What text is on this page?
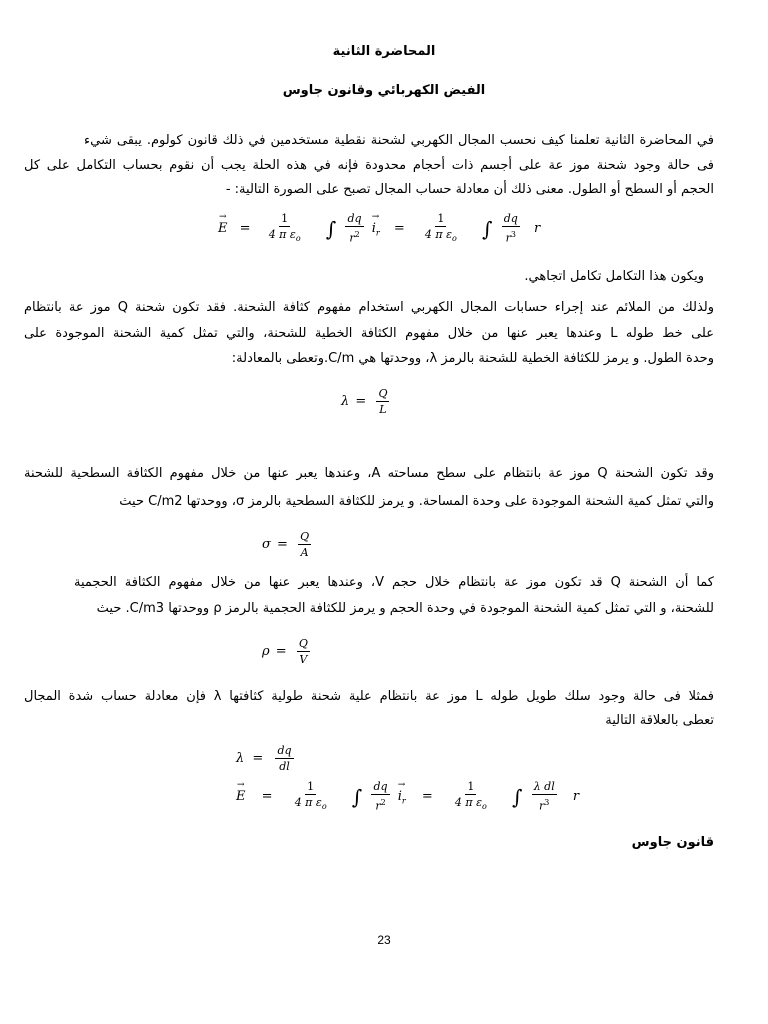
المحاضرة الثانية
الفيض الكهربائي وقانون جاوس
في المحاضرة الثانية تعلمنا كيف نحسب المجال الكهربي لشحنة نقطية مستخدمين في ذلك قانون كولوم. يبقى شيء
فى حالة وجود شحنة موز عة على أجسم ذات أحجام محدودة فإنه في هذه الحلة يجب أن نقوم بحساب التكامل على كل
الحجم أو السطح أو الطول. معنى ذلك أن معادلة حساب المجال تصبح على الصورة التالية: -
→ $E = \frac{1}{4 \pi \varepsilon_o}$ ∫ $\frac{dq}{r^2}$
→ $i_r = \frac{1}{4 \pi \varepsilon_o}$ ∫ $\frac{dq}{r^3}$ r
ويكون هذا التكامل تكامل اتجاهي.
ولذلك من الملائم عند إجراء حسابات المجال الكهربي استخدام مفهوم كثافة الشحنة. فقد تكون شحنة Q موز عة بانتظام
على خط طوله L وعندها يعبر عنها من خلال مفهوم الكثافة الخطية للشحنة، والتي تمثل كمية الشحنة الموجودة على
وحدة الطول. و يرمز للكثافة الخطية للشحنة بالرمز λ، ووحدتها هي C/m.وتعطى بالمعادلة:
$\lambda = \frac{Q}{L}$
وقد تكون الشحنة Q موز عة بانتظام على سطح مساحته A، وعندها يعبر عنها من خلال مفهوم الكثافة السطحية للشحنة
والتي تمثل كمية الشحنة الموجودة على وحدة المساحة. و يرمز للكثافة السطحية بالرمز σ، ووحدتها C/m2 حيث
$\sigma = \frac{Q}{A}$
كما أن الشحنة Q قد تكون موز عة بانتظام خلال حجم V، وعندها يعبر عنها من خلال مفهوم الكثافة الحجمية
للشحنة، و التي تمثل كمية الشحنة الموجودة في وحدة الحجم و يرمز للكثافة الحجمية بالرمز ρ ووحدتها C/m3. حيث
$\rho = \frac{Q}{V}$
فمثلا فى حالة وجود سلك طويل طوله L موز عة بانتظام علية شحنة طولية كثافتها λ فإن معادلة حساب شدة المجال
تعطى بالعلاقة التالية
$\lambda = \frac{dq}{dl}$
→ $E = \frac{1}{4 \pi \varepsilon_o}$ ∫ $\frac{dq}{r^2}$
→ $i_r = \frac{1}{4 \pi \varepsilon_o}$ ∫ $\frac{\text{λ dl}}{r^3}$ r
قانون جاوس
23
